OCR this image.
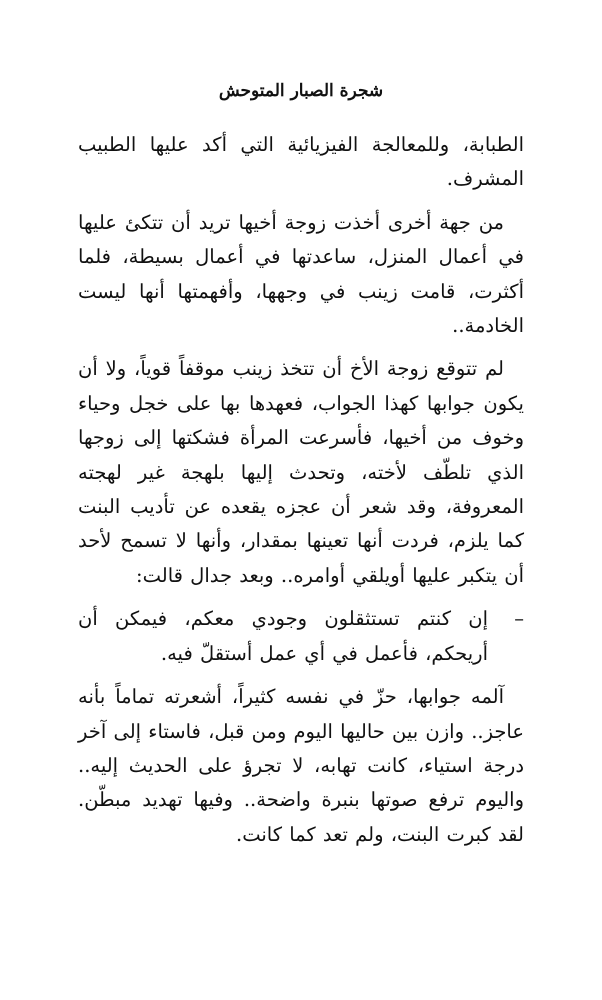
شجرة الصبار المتوحش

الطبابة، وللمعالجة الفيزيائية التي أكد عليها الطبيب المشرف.

من جهة أخرى أخذت زوجة أخيها تريد أن تتكئ عليها في أعمال المنزل، ساعدتها في أعمال بسيطة، فلما أكثرت، قامت زينب في وجهها، وأفهمتها أنها ليست الخادمة..

لم تتوقع زوجة الأخ أن تتخذ زينب موقفاً قوياً، ولا أن يكون جوابها كهذا الجواب، فعهدها بها على خجل وحياء وخوف من أخيها، فأسرعت المرأة فشكتها إلى زوجها الذي تلطّف لأخته، وتحدث إليها بلهجة غير لهجته المعروفة، وقد شعر أن عجزه يقعده عن تأديب البنت كما يلزم، فردت أنها تعينها بمقدار، وأنها لا تسمح لأحد أن يتكبر عليها أويلقي أوامره.. وبعد جدال قالت:

–

إن كنتم تستثقلون وجودي معكم، فيمكن أن أريحكم، فأعمل في أي عمل أستقلّ فيه.

آلمه جوابها، حزّ في نفسه كثيراً، أشعرته تماماً بأنه عاجز.. وازن بين حاليها اليوم ومن قبل، فاستاء إلى آخر درجة استياء، كانت تهابه، لا تجرؤ على الحديث إليه.. واليوم ترفع صوتها بنبرة واضحة.. وفيها تهديد مبطّن. لقد كبرت البنت، ولم تعد كما كانت.
